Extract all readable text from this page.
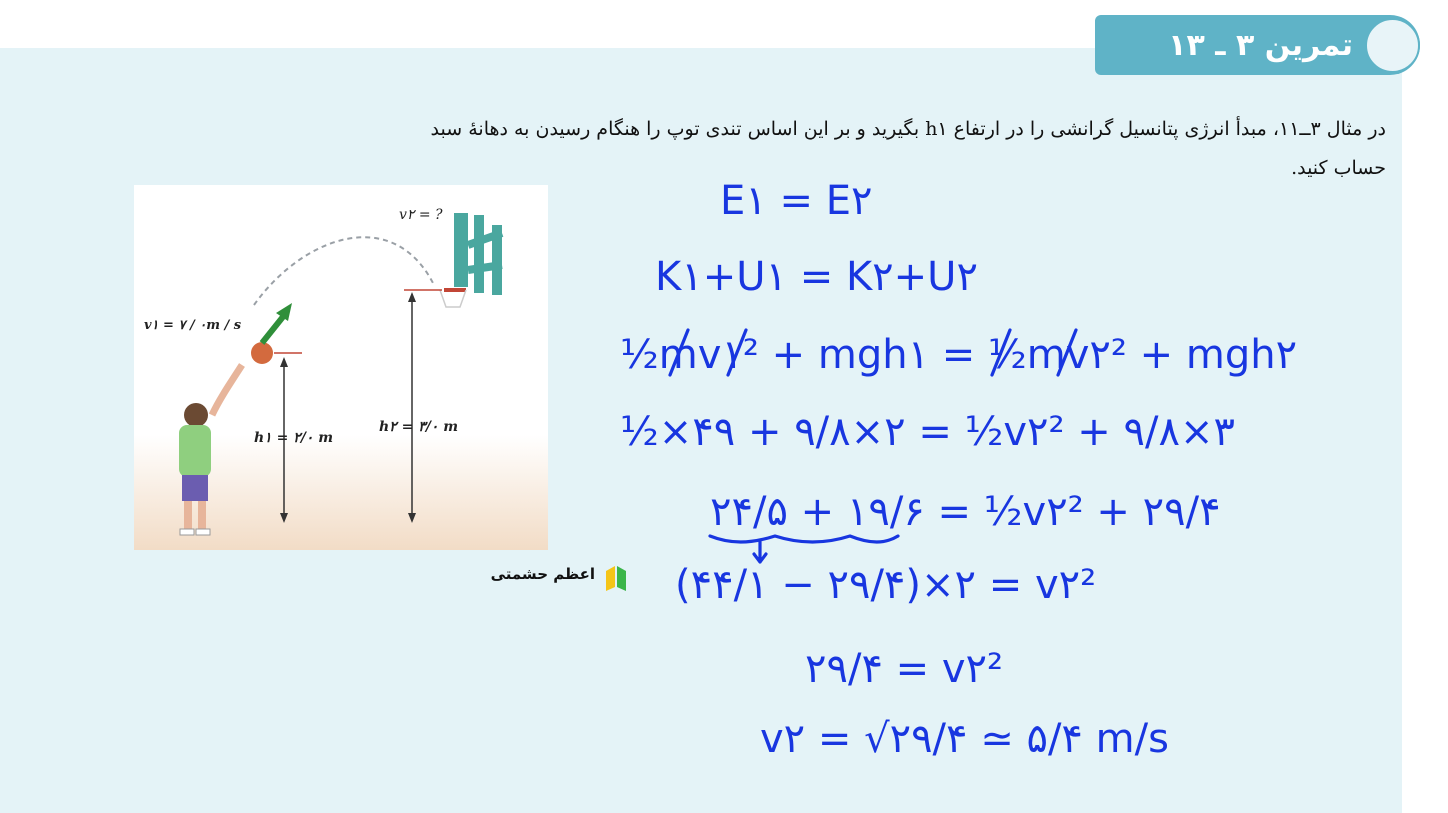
تمرین ۳ ـ ۱۳
در مثال ۳ــ۱۱، مبدأ انرژی پتانسیل گرانشی را در ارتفاع h۱ بگیرید و بر این اساس تندی توپ را هنگام رسیدن به دهانهٔ سبد
حساب کنید.
v۲ = ?
v۱ = ۷ / ۰m / s
h۱ = ۲/۰ m
h۲ = ۳/۰ m
اعظم حشمتی
E۱ = E۲
K۱+U۱ = K۲+U۲
½mv۱² + mgh۱ = ½mv۲² + mgh۲
½×۴۹ + ۹/۸×۲ = ½v۲² + ۹/۸×۳
۲۴/۵ + ۱۹/۶ = ½v۲² + ۲۹/۴
(۴۴/۱ − ۲۹/۴)×۲ = v۲²
۲۹/۴ = v۲²
v۲ = √۲۹/۴ ≃ ۵/۴ m/s
